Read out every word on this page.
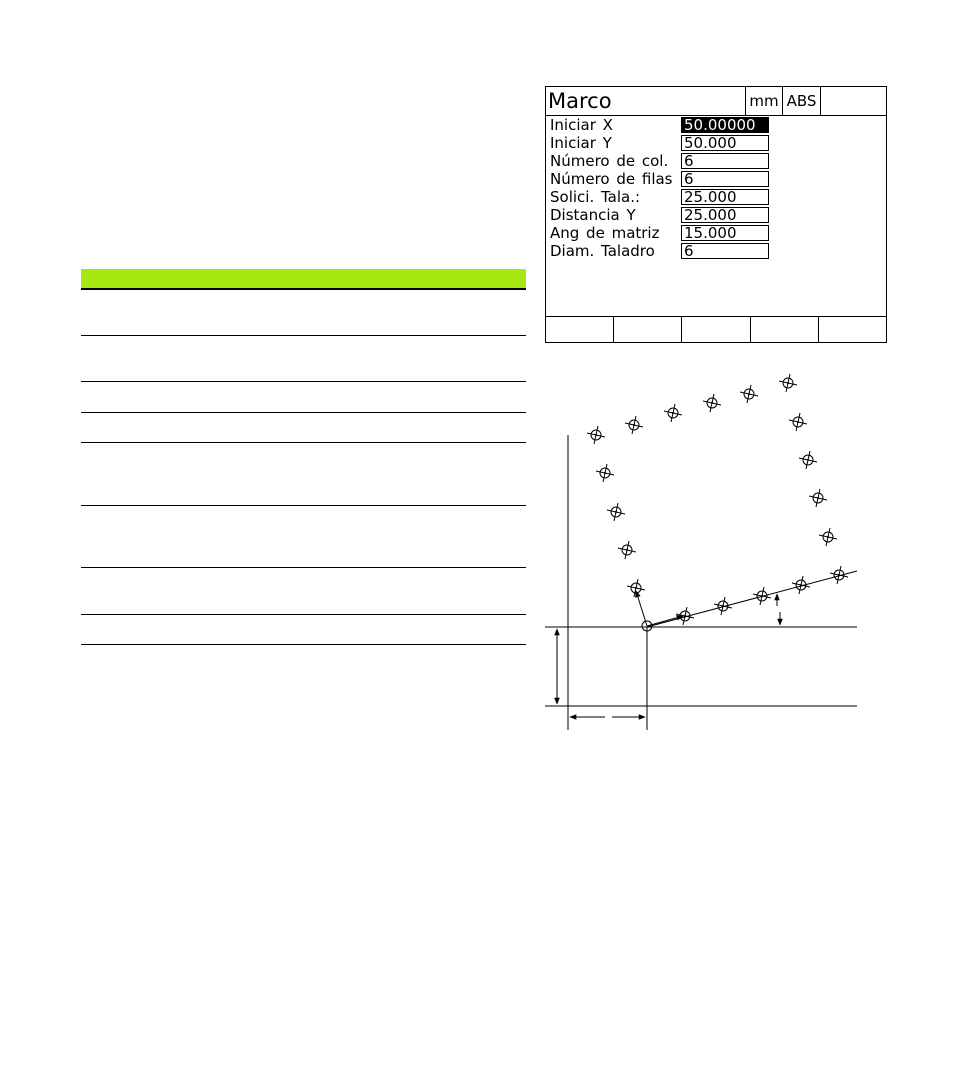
Marco	mm ABS
Iniciar X	50.00000
Iniciar Y	50.000
Número de col. 6
Número de filas 6
Solici. Tala.:	25.000
Distancia Y	25.000
Ang de matriz 15.000
Diam. Taladro 6
